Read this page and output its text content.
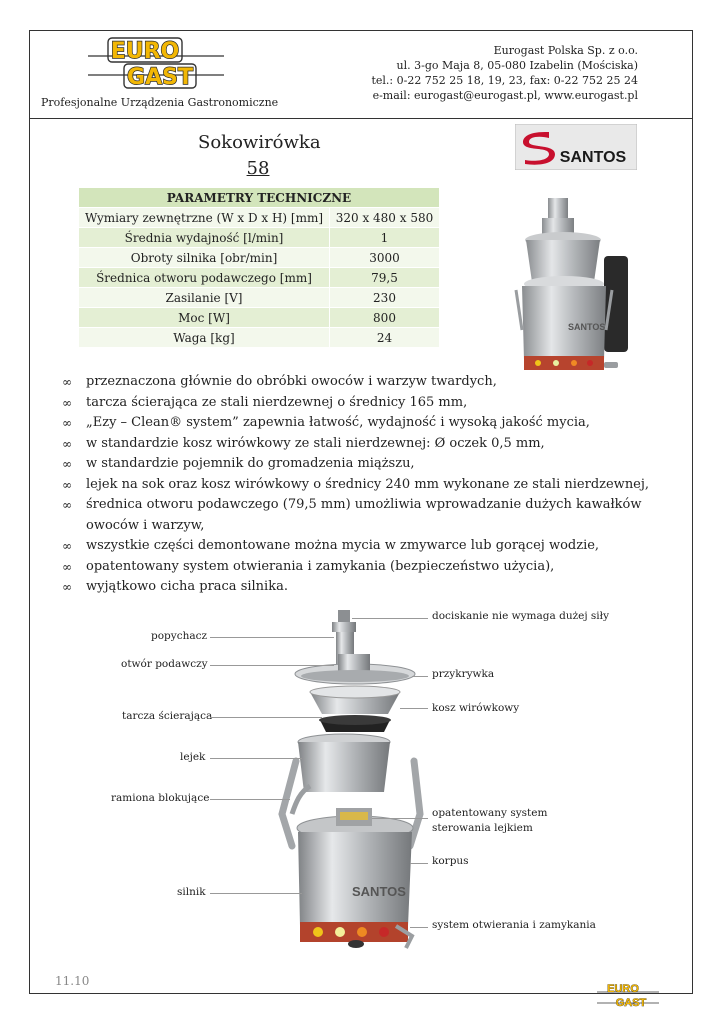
EURO
GAST
Profesjonalne Urządzenia Gastronomiczne
Eurogast Polska Sp. z o.o.
ul. 3-go Maja 8, 05-080 Izabelin (Mościska)
tel.: 0-22 752 25 18, 19, 23, fax: 0-22 752 25 24
e-mail: eurogast@eurogast.pl, www.eurogast.pl
Sokowirówka
58
SANTOS
PARAMETRY TECHNICZNE	
Wymiary zewnętrzne (W x D x H) [mm]	320 x 480 x 580
Średnia wydajność [l/min]	1
Obroty silnika [obr/min]	3000
Średnica otworu podawczego [mm]	79,5
Zasilanie [V]	230
Moc [W]	800
Waga [kg]	24
SANTOS
∞ przeznaczona głównie do obróbki owoców i warzyw twardych,
∞ tarcza ścierająca ze stali nierdzewnej o średnicy 165 mm,
∞ „Ezy – Clean® system” zapewnia łatwość, wydajność i wysoką jakość mycia,
∞ w standardzie kosz wirówkowy ze stali nierdzewnej: Ø oczek 0,5 mm,
∞ w standardzie pojemnik do gromadzenia miąższu,
∞ lejek na sok oraz kosz wirówkowy o średnicy 240 mm wykonane ze stali nierdzewnej,
∞ średnica otworu podawczego (79,5 mm) umożliwia wprowadzanie dużych kawałków owoców i warzyw,
∞ wszystkie części demontowane można mycia w zmywarce lub gorącej wodzie,
∞ opatentowany system otwierania i zamykania (bezpieczeństwo użycia),
∞ wyjątkowo cicha praca silnika.
SANTOS
popychacz
otwór podawczy
tarcza ścierająca
lejek
ramiona blokujące
silnik
dociskanie nie wymaga dużej siły
przykrywka
kosz wirówkowy
opatentowany system
sterowania lejkiem
korpus
system otwierania i zamykania
11.10
EURO
GAST
